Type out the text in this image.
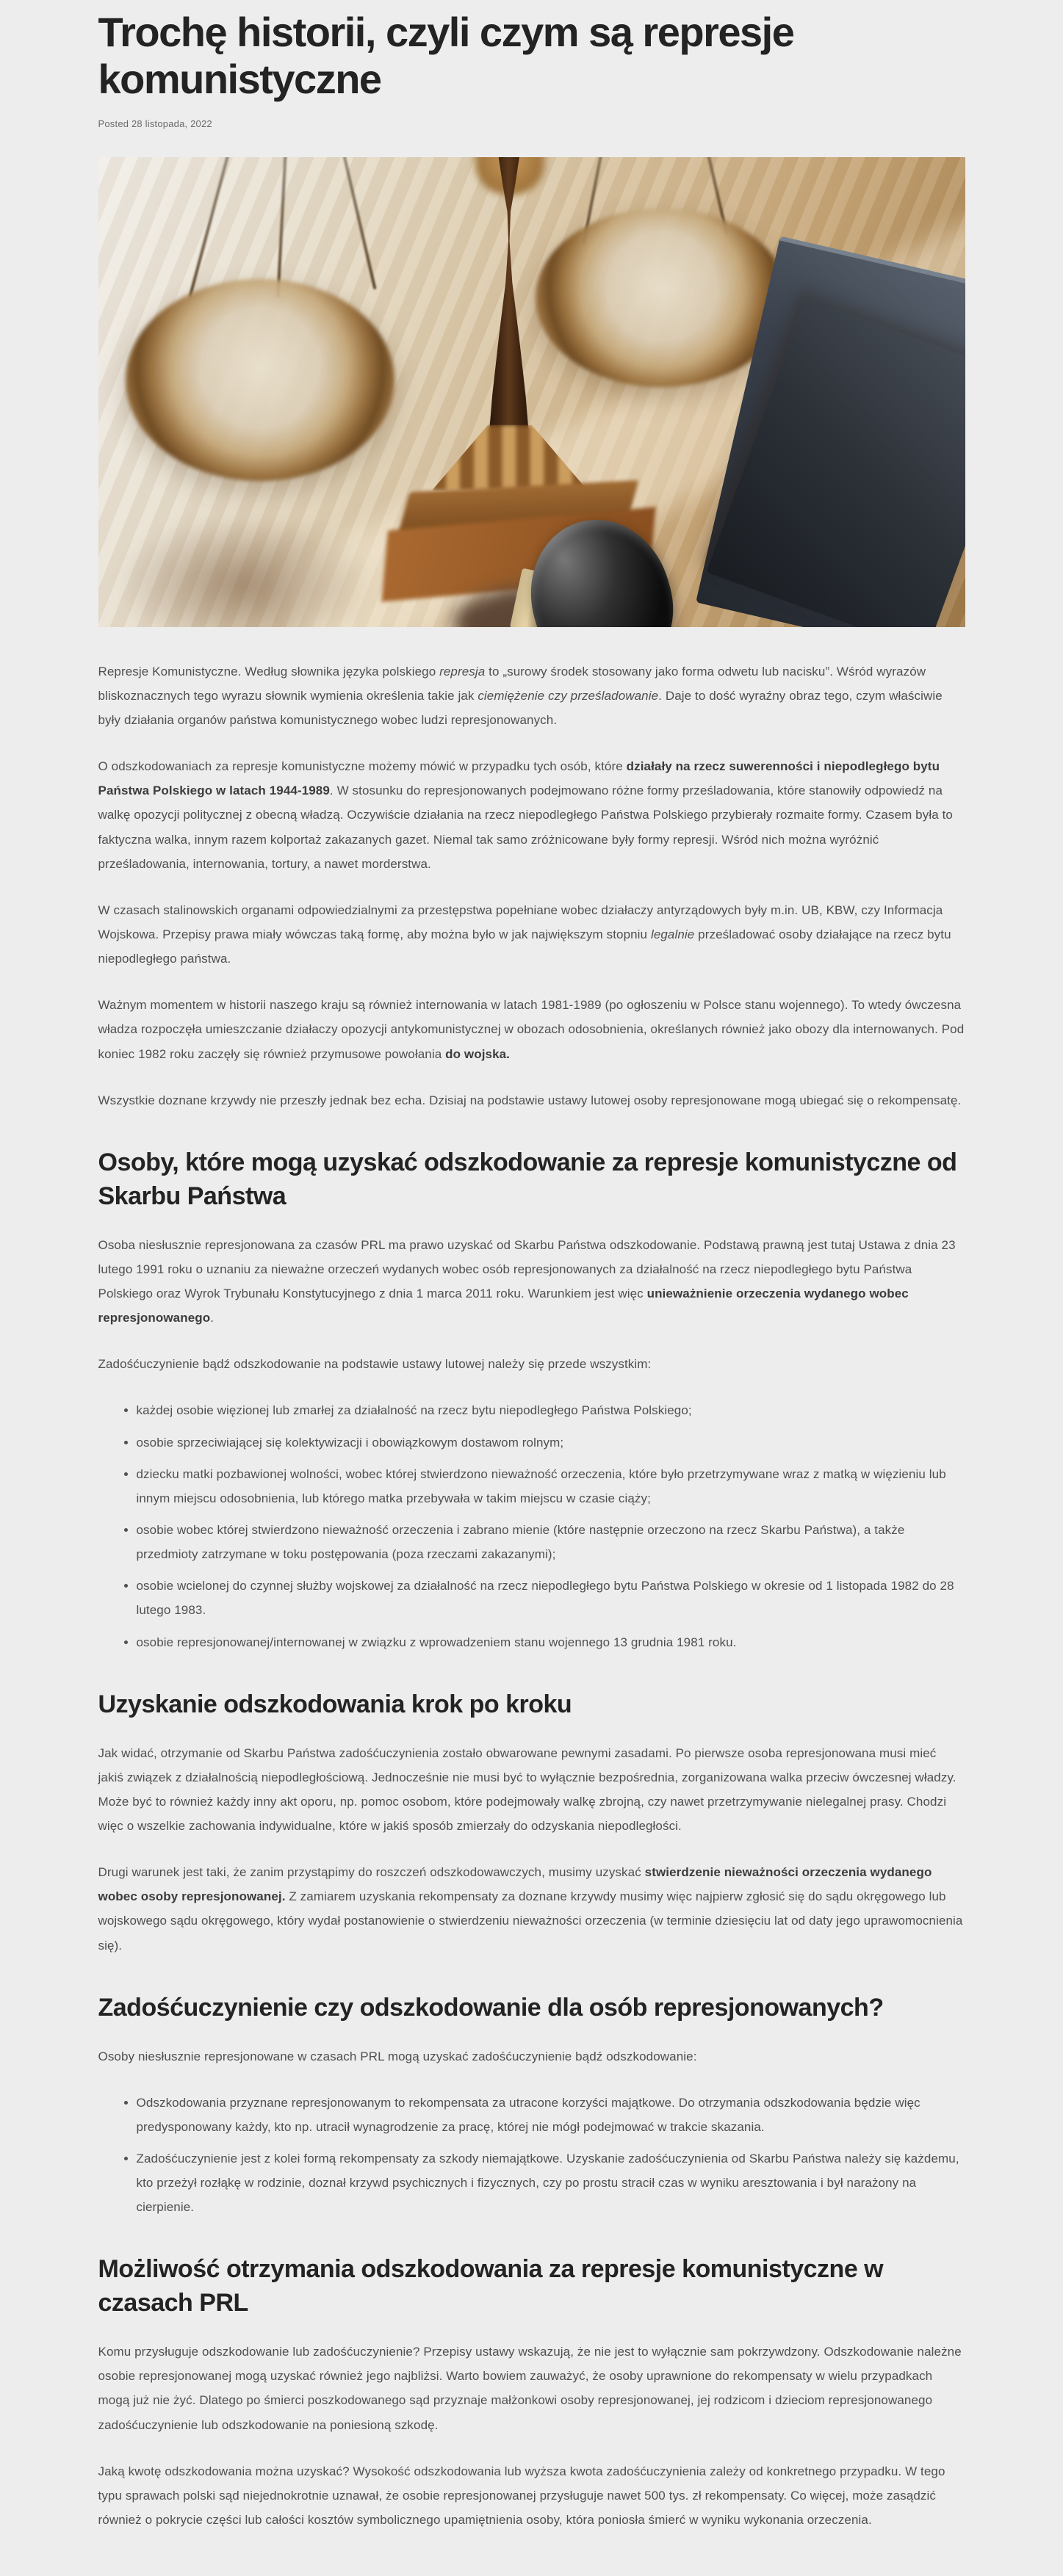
Trochę historii, czyli czym są represje komunistyczne
Posted 28 listopada, 2022

Represje Komunistyczne. Według słownika języka polskiego represja to „surowy środek stosowany jako forma odwetu lub nacisku”. Wśród wyrazów bliskoznacznych tego wyrazu słownik wymienia określenia takie jak ciemiężenie czy prześladowanie. Daje to dość wyraźny obraz tego, czym właściwie były działania organów państwa komunistycznego wobec ludzi represjonowanych.

O odszkodowaniach za represje komunistyczne możemy mówić w przypadku tych osób, które działały na rzecz suwerenności i niepodległego bytu Państwa Polskiego w latach 1944-1989. W stosunku do represjonowanych podejmowano różne formy prześladowania, które stanowiły odpowiedź na walkę opozycji politycznej z obecną władzą. Oczywiście działania na rzecz niepodległego Państwa Polskiego przybierały rozmaite formy. Czasem była to faktyczna walka, innym razem kolportaż zakazanych gazet. Niemal tak samo zróżnicowane były formy represji. Wśród nich można wyróżnić prześladowania, internowania, tortury, a nawet morderstwa.

W czasach stalinowskich organami odpowiedzialnymi za przestępstwa popełniane wobec działaczy antyrządowych były m.in. UB, KBW, czy Informacja Wojskowa. Przepisy prawa miały wówczas taką formę, aby można było w jak największym stopniu legalnie prześladować osoby działające na rzecz bytu niepodległego państwa.

Ważnym momentem w historii naszego kraju są również internowania w latach 1981-1989 (po ogłoszeniu w Polsce stanu wojennego). To wtedy ówczesna władza rozpoczęła umieszczanie działaczy opozycji antykomunistycznej w obozach odosobnienia, określanych również jako obozy dla internowanych. Pod koniec 1982 roku zaczęły się również przymusowe powołania do wojska.

Wszystkie doznane krzywdy nie przeszły jednak bez echa. Dzisiaj na podstawie ustawy lutowej osoby represjonowane mogą ubiegać się o rekompensatę.

Osoby, które mogą uzyskać odszkodowanie za represje komunistyczne od Skarbu Państwa

Osoba niesłusznie represjonowana za czasów PRL ma prawo uzyskać od Skarbu Państwa odszkodowanie. Podstawą prawną jest tutaj Ustawa z dnia 23 lutego 1991 roku o uznaniu za nieważne orzeczeń wydanych wobec osób represjonowanych za działalność na rzecz niepodległego bytu Państwa Polskiego oraz Wyrok Trybunału Konstytucyjnego z dnia 1 marca 2011 roku. Warunkiem jest więc unieważnienie orzeczenia wydanego wobec represjonowanego.

Zadośćuczynienie bądź odszkodowanie na podstawie ustawy lutowej należy się przede wszystkim:

• każdej osobie więzionej lub zmarłej za działalność na rzecz bytu niepodległego Państwa Polskiego;
• osobie sprzeciwiającej się kolektywizacji i obowiązkowym dostawom rolnym;
• dziecku matki pozbawionej wolności, wobec której stwierdzono nieważność orzeczenia, które było przetrzymywane wraz z matką w więzieniu lub innym miejscu odosobnienia, lub którego matka przebywała w takim miejscu w czasie ciąży;
• osobie wobec której stwierdzono nieważność orzeczenia i zabrano mienie (które następnie orzeczono na rzecz Skarbu Państwa), a także przedmioty zatrzymane w toku postępowania (poza rzeczami zakazanymi);
• osobie wcielonej do czynnej służby wojskowej za działalność na rzecz niepodległego bytu Państwa Polskiego w okresie od 1 listopada 1982 do 28 lutego 1983.
• osobie represjonowanej/internowanej w związku z wprowadzeniem stanu wojennego 13 grudnia 1981 roku.
Uzyskanie odszkodowania krok po kroku

Jak widać, otrzymanie od Skarbu Państwa zadośćuczynienia zostało obwarowane pewnymi zasadami. Po pierwsze osoba represjonowana musi mieć jakiś związek z działalnością niepodległościową. Jednocześnie nie musi być to wyłącznie bezpośrednia, zorganizowana walka przeciw ówczesnej władzy. Może być to również każdy inny akt oporu, np. pomoc osobom, które podejmowały walkę zbrojną, czy nawet przetrzymywanie nielegalnej prasy. Chodzi więc o wszelkie zachowania indywidualne, które w jakiś sposób zmierzały do odzyskania niepodległości.

Drugi warunek jest taki, że zanim przystąpimy do roszczeń odszkodowawczych, musimy uzyskać stwierdzenie nieważności orzeczenia wydanego wobec osoby represjonowanej. Z zamiarem uzyskania rekompensaty za doznane krzywdy musimy więc najpierw zgłosić się do sądu okręgowego lub wojskowego sądu okręgowego, który wydał postanowienie o stwierdzeniu nieważności orzeczenia (w terminie dziesięciu lat od daty jego uprawomocnienia się).

Zadośćuczynienie czy odszkodowanie dla osób represjonowanych?

Osoby niesłusznie represjonowane w czasach PRL mogą uzyskać zadośćuczynienie bądź odszkodowanie:

• Odszkodowania przyznane represjonowanym to rekompensata za utracone korzyści majątkowe. Do otrzymania odszkodowania będzie więc predysponowany każdy, kto np. utracił wynagrodzenie za pracę, której nie mógł podejmować w trakcie skazania.
• Zadośćuczynienie jest z kolei formą rekompensaty za szkody niemajątkowe. Uzyskanie zadośćuczynienia od Skarbu Państwa należy się każdemu, kto przeżył rozłąkę w rodzinie, doznał krzywd psychicznych i fizycznych, czy po prostu stracił czas w wyniku aresztowania i był narażony na cierpienie.
Możliwość otrzymania odszkodowania za represje komunistyczne w czasach PRL

Komu przysługuje odszkodowanie lub zadośćuczynienie? Przepisy ustawy wskazują, że nie jest to wyłącznie sam pokrzywdzony. Odszkodowanie należne osobie represjonowanej mogą uzyskać również jego najbliżsi. Warto bowiem zauważyć, że osoby uprawnione do rekompensaty w wielu przypadkach mogą już nie żyć. Dlatego po śmierci poszkodowanego sąd przyznaje małżonkowi osoby represjonowanej, jej rodzicom i dzieciom represjonowanego zadośćuczynienie lub odszkodowanie na poniesioną szkodę.

Jaką kwotę odszkodowania można uzyskać? Wysokość odszkodowania lub wyższa kwota zadośćuczynienia zależy od konkretnego przypadku. W tego typu sprawach polski sąd niejednokrotnie uznawał, że osobie represjonowanej przysługuje nawet 500 tys. zł rekompensaty. Co więcej, może zasądzić również o pokrycie części lub całości kosztów symbolicznego upamiętnienia osoby, która poniosła śmierć w wyniku wykonania orzeczenia.
